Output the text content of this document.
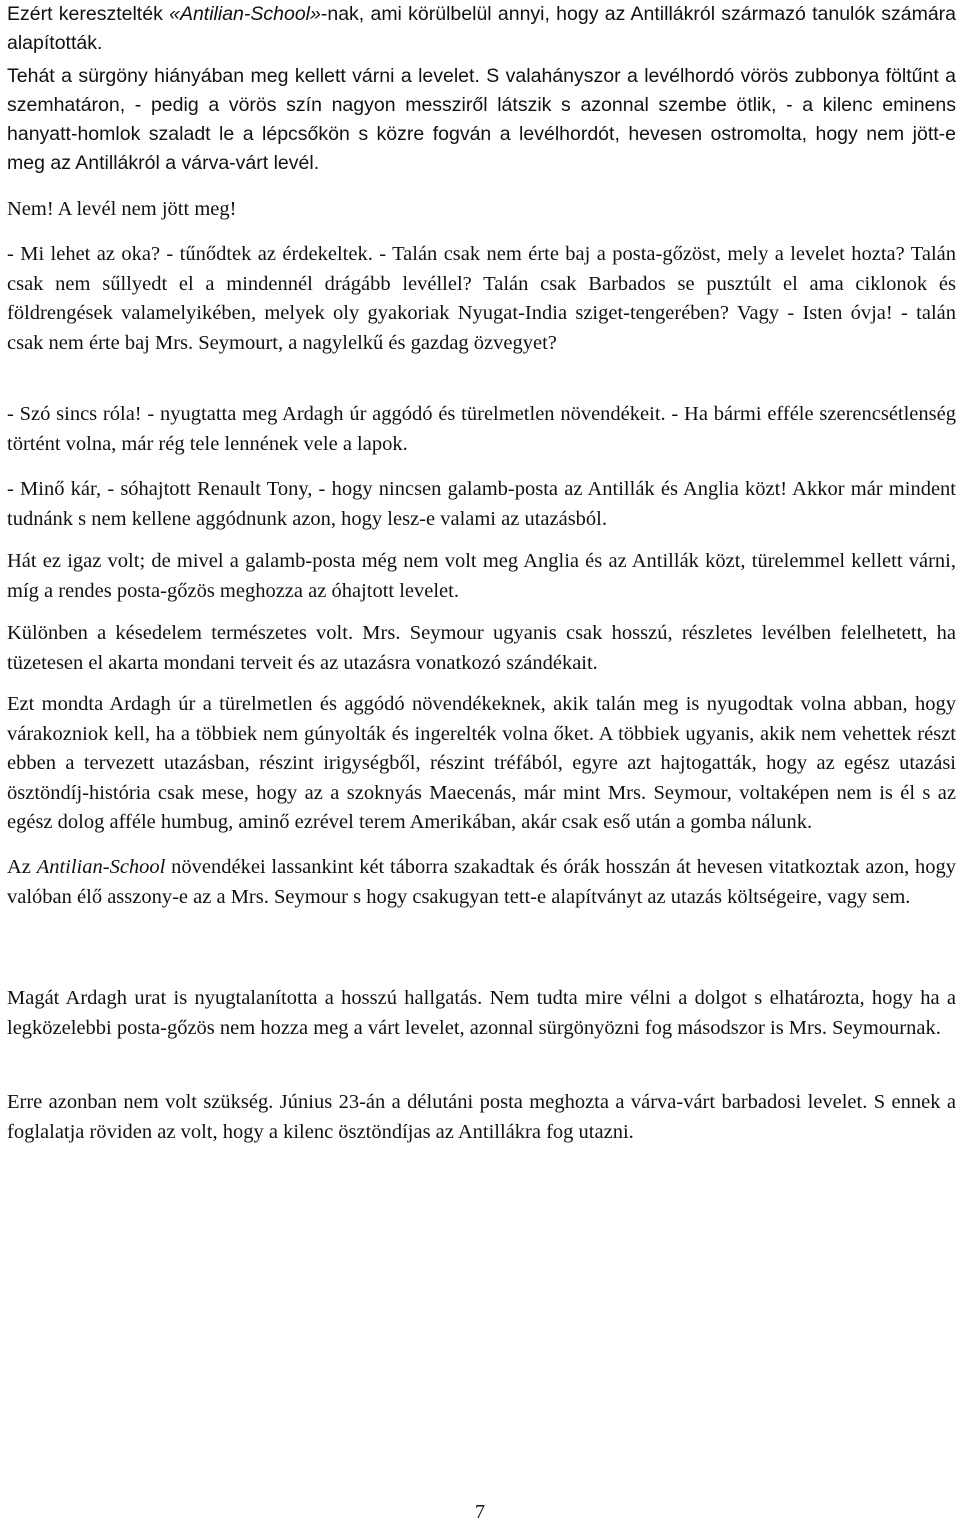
Ezért keresztelték «Antilian-School»-nak, ami körülbelül annyi, hogy az Antillákról származó tanulók számára alapították.

Tehát a sürgöny hiányában meg kellett várni a levelet. S valahányszor a levélhordó vörös zubbonya föltűnt a szemhatáron, - pedig a vörös szín nagyon messziről látszik s azonnal szembe ötlik, - a kilenc eminens hanyatt-homlok szaladt le a lépcsőkön s közre fogván a levélhordót, hevesen ostromolta, hogy nem jött-e meg az Antillákról a várva-várt levél.

Nem! A levél nem jött meg!

- Mi lehet az oka? - tűnődtek az érdekeltek. - Talán csak nem érte baj a posta-gőzöst, mely a levelet hozta? Talán csak nem sűllyedt el a mindennél drágább levéllel? Talán csak Barbados se pusztúlt el ama ciklonok és földrengések valamelyikében, melyek oly gyakoriak Nyugat-India sziget-tengerében? Vagy - Isten óvja! - talán csak nem érte baj Mrs. Seymourt, a nagylelkű és gazdag özvegyet?

- Szó sincs róla! - nyugtatta meg Ardagh úr aggódó és türelmetlen növendékeit. - Ha bármi efféle szerencsétlenség történt volna, már rég tele lennének vele a lapok.

- Minő kár, - sóhajtott Renault Tony, - hogy nincsen galamb-posta az Antillák és Anglia közt! Akkor már mindent tudnánk s nem kellene aggódnunk azon, hogy lesz-e valami az utazásból.

Hát ez igaz volt; de mivel a galamb-posta még nem volt meg Anglia és az Antillák közt, türelemmel kellett várni, míg a rendes posta-gőzös meghozza az óhajtott levelet.

Különben a késedelem természetes volt. Mrs. Seymour ugyanis csak hosszú, részletes levélben felelhetett, ha tüzetesen el akarta mondani terveit és az utazásra vonatkozó szándékait.

Ezt mondta Ardagh úr a türelmetlen és aggódó növendékeknek, akik talán meg is nyugodtak volna abban, hogy várakozniok kell, ha a többiek nem gúnyolták és ingerelték volna őket. A többiek ugyanis, akik nem vehettek részt ebben a tervezett utazásban, részint irigységből, részint tréfából, egyre azt hajtogatták, hogy az egész utazási ösztöndíj-história csak mese, hogy az a szoknyás Maecenás, már mint Mrs. Seymour, voltaképen nem is él s az egész dolog afféle humbug, aminő ezrével terem Amerikában, akár csak eső után a gomba nálunk.

Az Antilian-School növendékei lassankint két táborra szakadtak és órák hosszán át hevesen vitatkoztak azon, hogy valóban élő asszony-e az a Mrs. Seymour s hogy csakugyan tett-e alapítványt az utazás költségeire, vagy sem.

Magát Ardagh urat is nyugtalanította a hosszú hallgatás. Nem tudta mire vélni a dolgot s elhatározta, hogy ha a legközelebbi posta-gőzös nem hozza meg a várt levelet, azonnal sürgönyözni fog másodszor is Mrs. Seymournak.

Erre azonban nem volt szükség. Június 23-án a délutáni posta meghozta a várva-várt barbadosi levelet. S ennek a foglalatja röviden az volt, hogy a kilenc ösztöndíjas az Antillákra fog utazni.

7
